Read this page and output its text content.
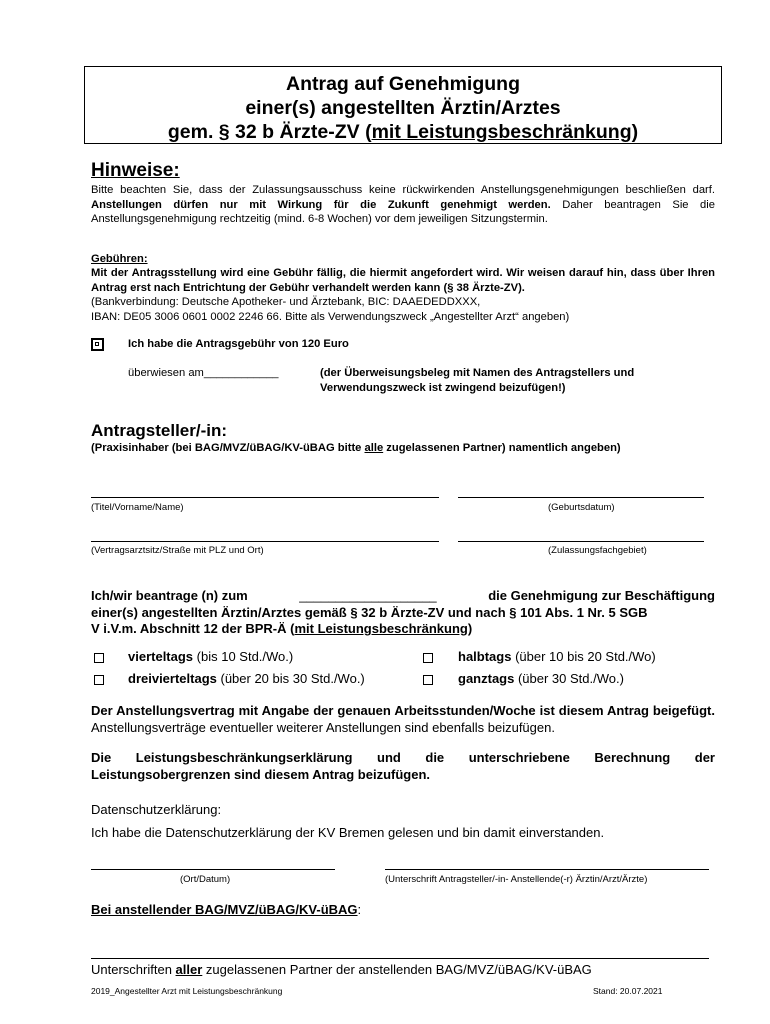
Antrag auf Genehmigung
einer(s) angestellten Ärztin/Arztes
gem. § 32 b Ärzte-ZV (mit Leistungsbeschränkung)
Hinweise:
Bitte beachten Sie, dass der Zulassungsausschuss keine rückwirkenden Anstellungsgenehmigungen beschließen darf. Anstellungen dürfen nur mit Wirkung für die Zukunft genehmigt werden. Daher beantragen Sie die Anstellungsgenehmigung rechtzeitig (mind. 6-8 Wochen) vor dem jeweiligen Sitzungstermin.
Gebühren:
Mit der Antragsstellung wird eine Gebühr fällig, die hiermit angefordert wird. Wir weisen darauf hin, dass über Ihren Antrag erst nach Entrichtung der Gebühr verhandelt werden kann (§ 38 Ärzte-ZV).
(Bankverbindung: Deutsche Apotheker- und Ärztebank, BIC: DAAEDEDDXXX,
IBAN: DE05 3006 0601 0002 2246 66. Bitte als Verwendungszweck „Angestellter Arzt“ angeben)
Ich habe die Antragsgebühr von 120 Euro
überwiesen am____________	(der Überweisungsbeleg mit Namen des Antragstellers und Verwendungszweck ist zwingend beizufügen!)
Antragsteller/-in:
(Praxisinhaber (bei BAG/MVZ/üBAG/KV-üBAG bitte alle zugelassenen Partner) namentlich angeben)
(Titel/Vorname/Name)	(Geburtsdatum)
(Vertragsarztsitz/Straße mit PLZ und Ort)	(Zulassungsfachgebiet)
Ich/wir beantrage (n) zum	___________________	die Genehmigung zur Beschäftigung
einer(s) angestellten Ärztin/Arztes gemäß § 32 b Ärzte-ZV und nach § 101 Abs. 1 Nr. 5 SGB
V i.V.m. Abschnitt 12 der BPR-Ä (mit Leistungsbeschränkung)
vierteltags (bis 10 Std./Wo.)	halbtags (über 10 bis 20 Std./Wo)
dreivierteltags (über 20 bis 30 Std./Wo.)	ganztags (über 30 Std./Wo.)
Der Anstellungsvertrag mit Angabe der genauen Arbeitsstunden/Woche ist diesem Antrag beigefügt. Anstellungsverträge eventueller weiterer Anstellungen sind ebenfalls beizufügen.
Die Leistungsbeschränkungserklärung und die unterschriebene Berechnung der Leistungsobergrenzen sind diesem Antrag beizufügen.
Datenschutzerklärung:
Ich habe die Datenschutzerklärung der KV Bremen gelesen und bin damit einverstanden.
(Ort/Datum)	(Unterschrift Antragsteller/-in- Anstellende(-r) Ärztin/Arzt/Ärzte)
Bei anstellender BAG/MVZ/üBAG/KV-üBAG:
Unterschriften aller zugelassenen Partner der anstellenden BAG/MVZ/üBAG/KV-üBAG
2019_Angestellter Arzt mit Leistungsbeschränkung	Stand: 20.07.2021
